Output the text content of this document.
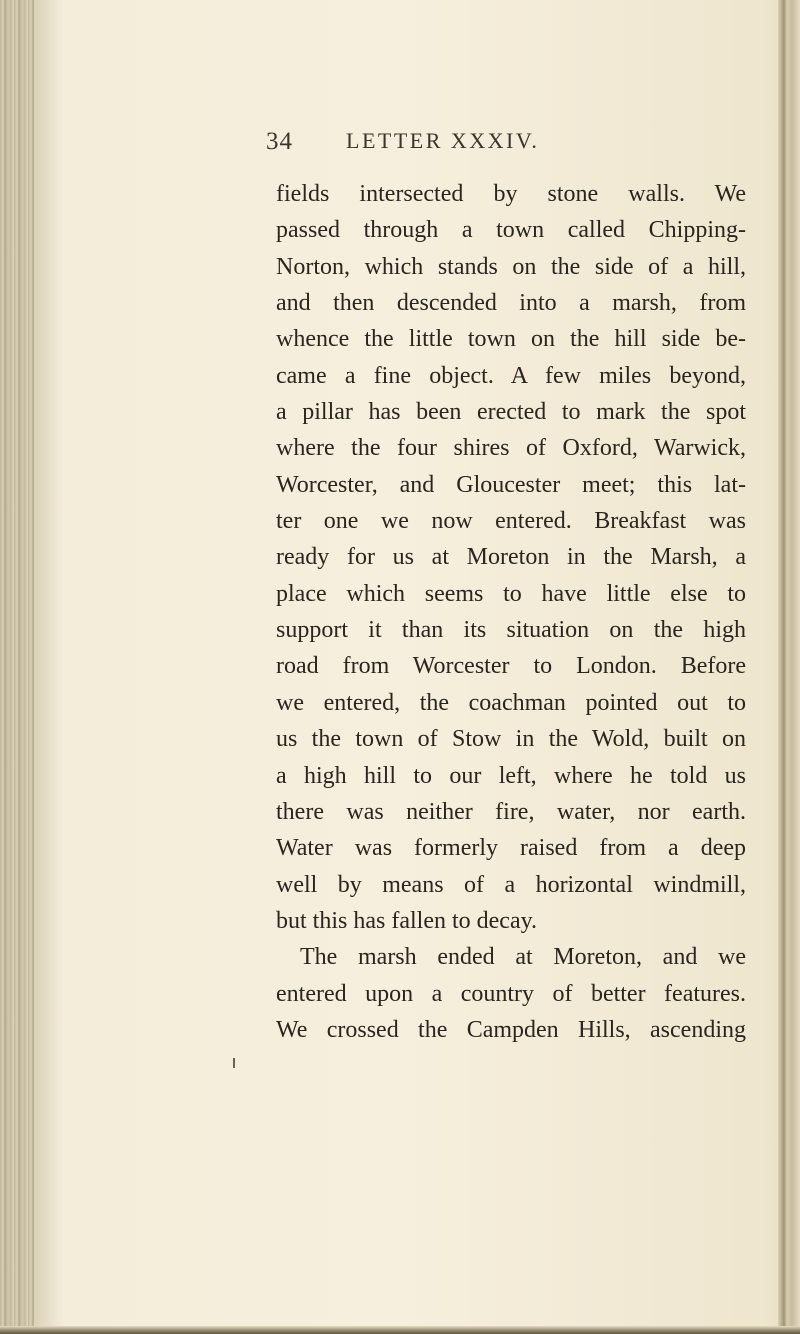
34 LETTER XXXIV.
fields intersected by stone walls. We
passed through a town called Chipping-
Norton, which stands on the side of a hill,
and then descended into a marsh, from
whence the little town on the hill side be-
came a fine object. A few miles beyond,
a pillar has been erected to mark the spot
where the four shires of Oxford, Warwick,
Worcester, and Gloucester meet; this lat-
ter one we now entered. Breakfast was
ready for us at Moreton in the Marsh, a
place which seems to have little else to
support it than its situation on the high
road from Worcester to London. Before
we entered, the coachman pointed out to
us the town of Stow in the Wold, built on
a high hill to our left, where he told us
there was neither fire, water, nor earth.
Water was formerly raised from a deep
well by means of a horizontal windmill,
but this has fallen to decay.
The marsh ended at Moreton, and we
entered upon a country of better features.
We crossed the Campden Hills, ascending
